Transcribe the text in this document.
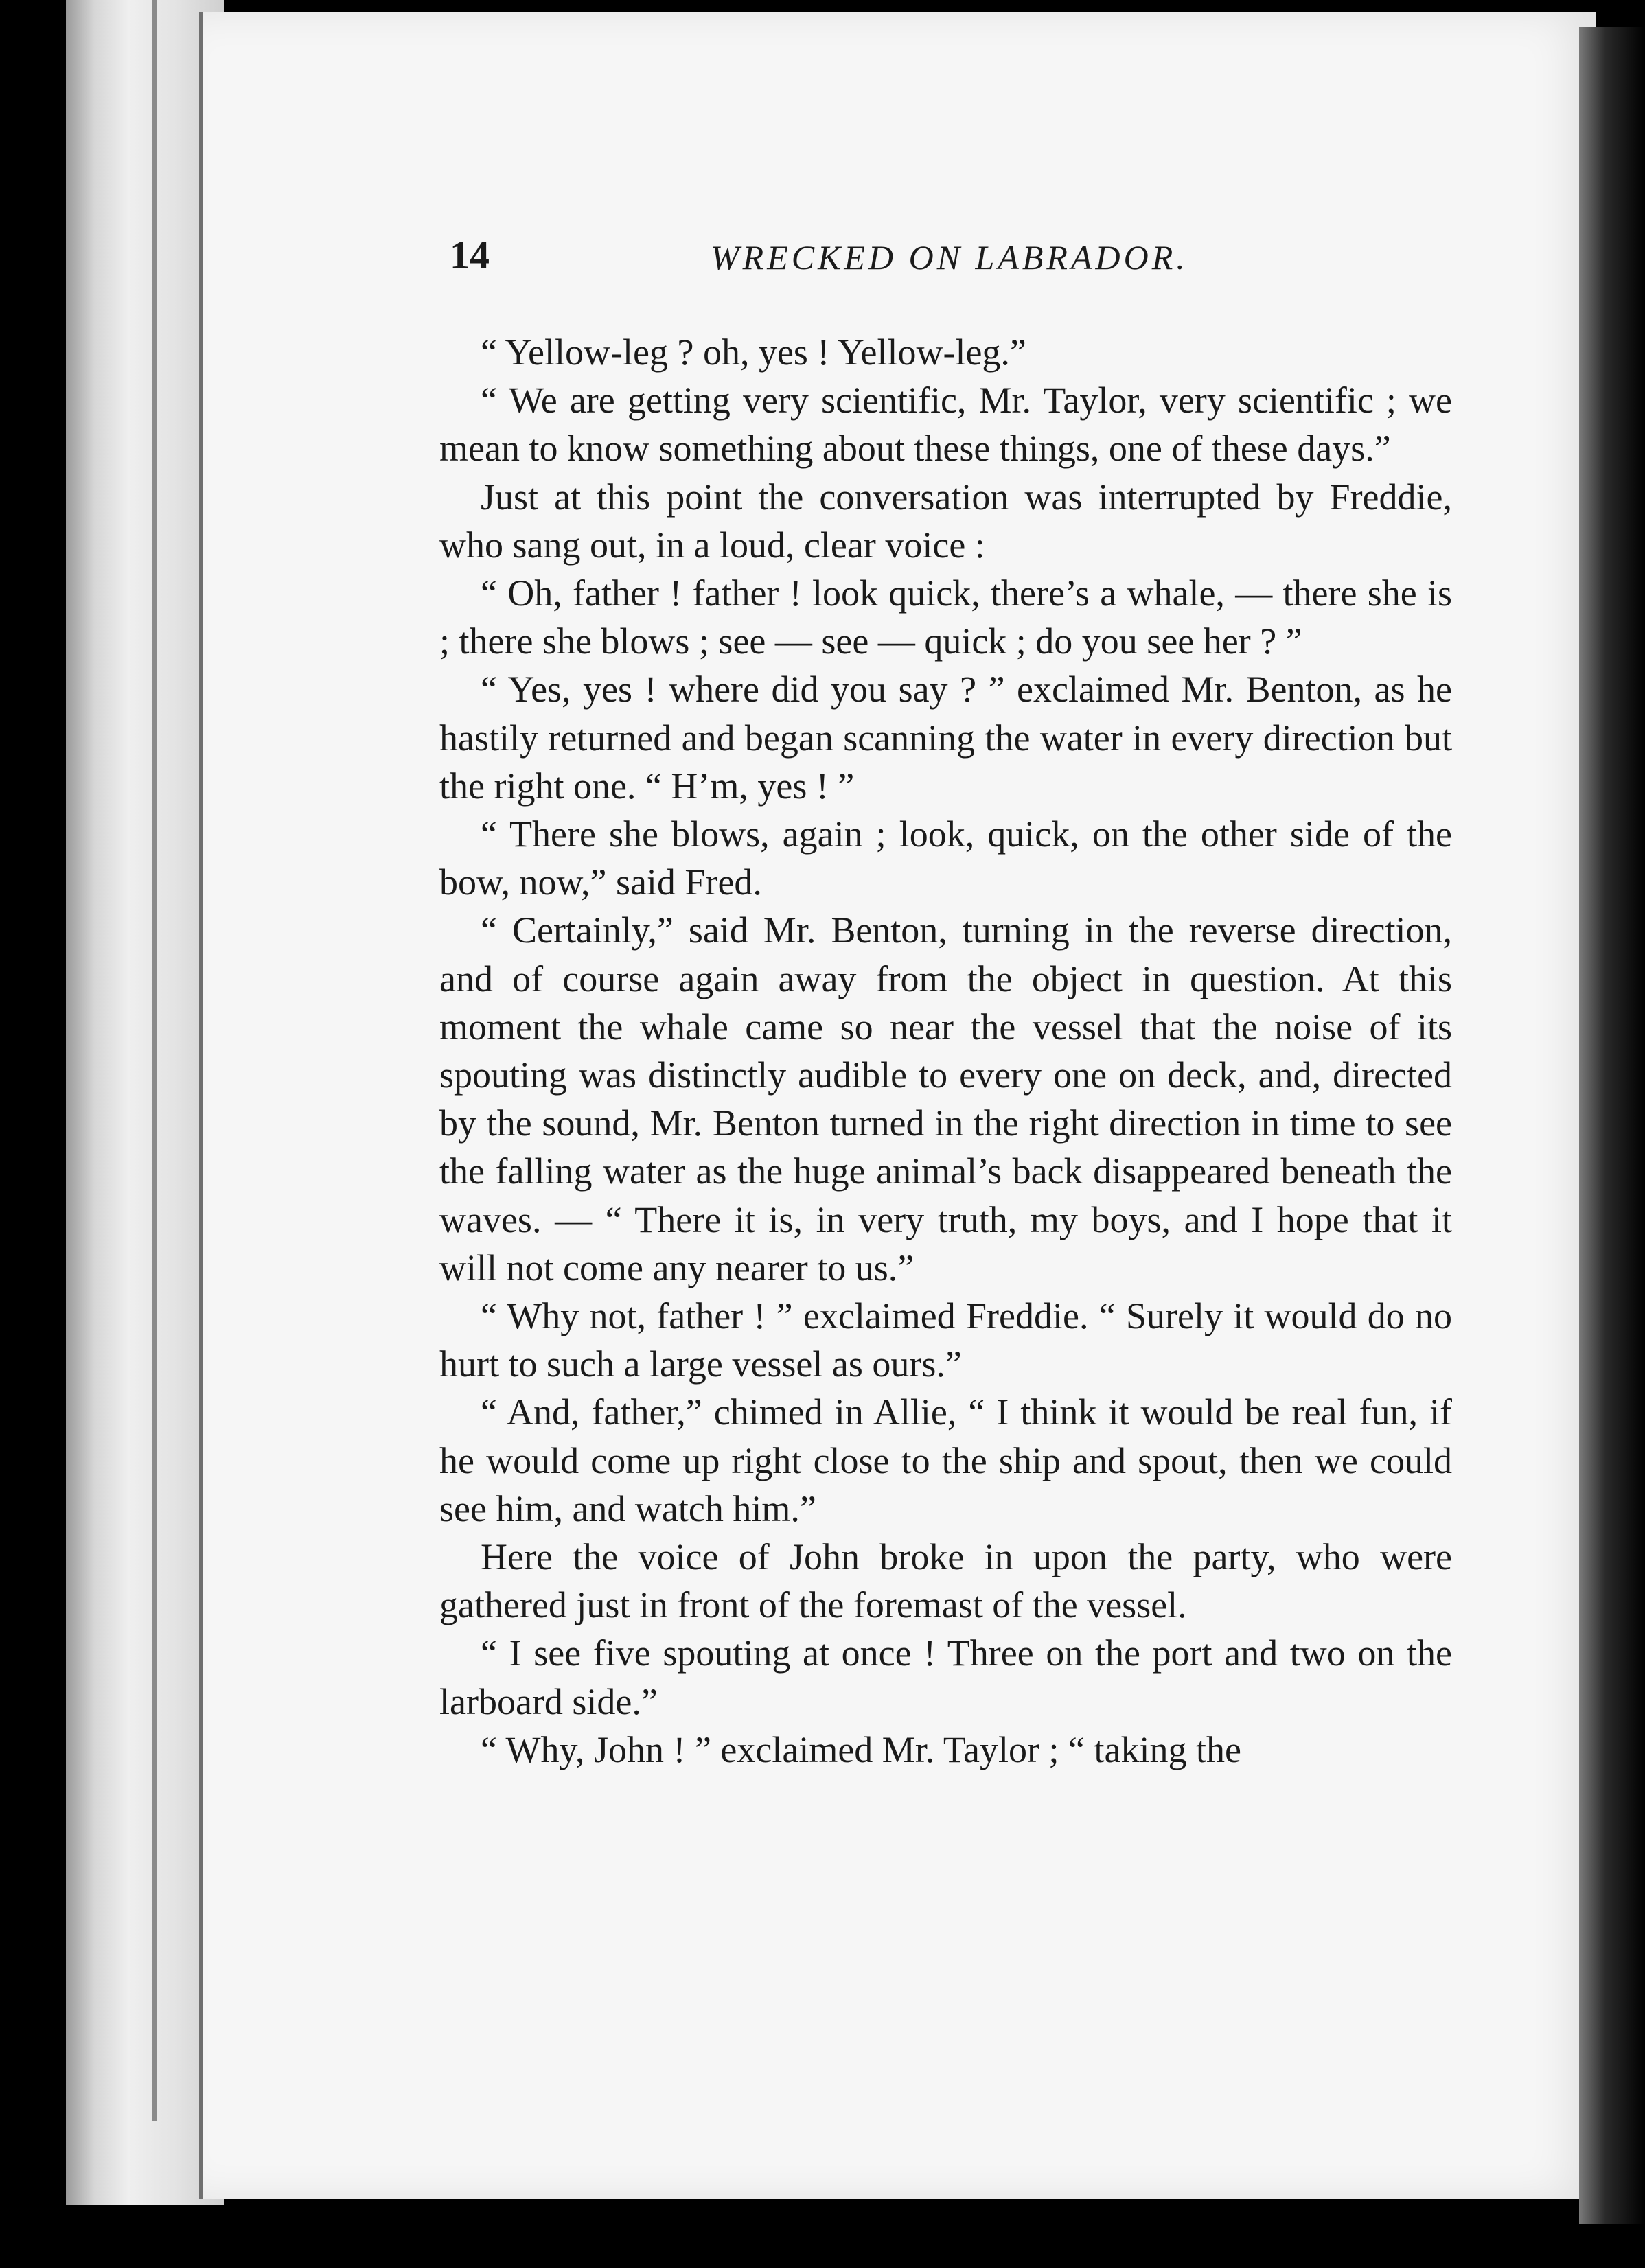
14	WRECKED ON LABRADOR.

“ Yellow-leg ? oh, yes ! Yellow-leg.”

“ We are getting very scientific, Mr. Taylor, very scientific ; we mean to know something about these things, one of these days.”

Just at this point the conversation was interrupted by Freddie, who sang out, in a loud, clear voice :

“ Oh, father ! father ! look quick, there’s a whale, — there she is ; there she blows ; see — see — quick ; do you see her ? ”

“ Yes, yes ! where did you say ? ” exclaimed Mr. Benton, as he hastily returned and began scanning the water in every direction but the right one. “ H’m, yes ! ”

“ There she blows, again ; look, quick, on the other side of the bow, now,” said Fred.

“ Certainly,” said Mr. Benton, turning in the reverse direction, and of course again away from the object in question. At this moment the whale came so near the vessel that the noise of its spouting was distinctly audible to every one on deck, and, directed by the sound, Mr. Benton turned in the right direction in time to see the falling water as the huge animal’s back disappeared beneath the waves. — “ There it is, in very truth, my boys, and I hope that it will not come any nearer to us.”

“ Why not, father ! ” exclaimed Freddie. “ Surely it would do no hurt to such a large vessel as ours.”

“ And, father,” chimed in Allie, “ I think it would be real fun, if he would come up right close to the ship and spout, then we could see him, and watch him.”

Here the voice of John broke in upon the party, who were gathered just in front of the foremast of the vessel.

“ I see five spouting at once ! Three on the port and two on the larboard side.”

“ Why, John ! ” exclaimed Mr. Taylor ; “ taking the
